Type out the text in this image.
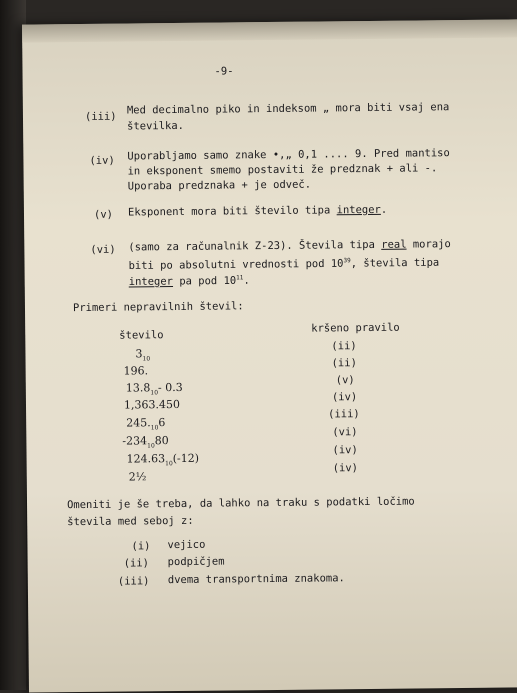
-9-
(iii)
Med decimalno piko in indeksom „ mora biti vsaj ena
številka.
(iv) Uporabljamo samo znake •,„ 0,1 .... 9. Pred mantiso
in eksponent smemo postaviti že predznak + ali -.
Uporaba predznaka + je odveč.
(v) Eksponent mora biti število tipa integer.
(vi) (samo za računalnik Z-23). Števila tipa real morajo
biti po absolutni vrednosti pod $10^{39}$, števila tipa
integer pa pod $10^{11}$.
Primeri nepravilnih števil:
število
kršeno pravilo
$3_{10}$
(ii)
196.
(ii)
$13.8_{10}-$ 0.3
(v)
1,363.450
(iv)
$245._{10}6$
(iii)
$-234_{10}80$
(vi)
$124.63_{10}(-12)$
(iv)
2½
(iv)
Omeniti je še treba, da lahko na traku s podatki ločimo
števila med seboj z:
(i) vejico
(ii) podpičjem
(iii) dvema transportnima znakoma.
